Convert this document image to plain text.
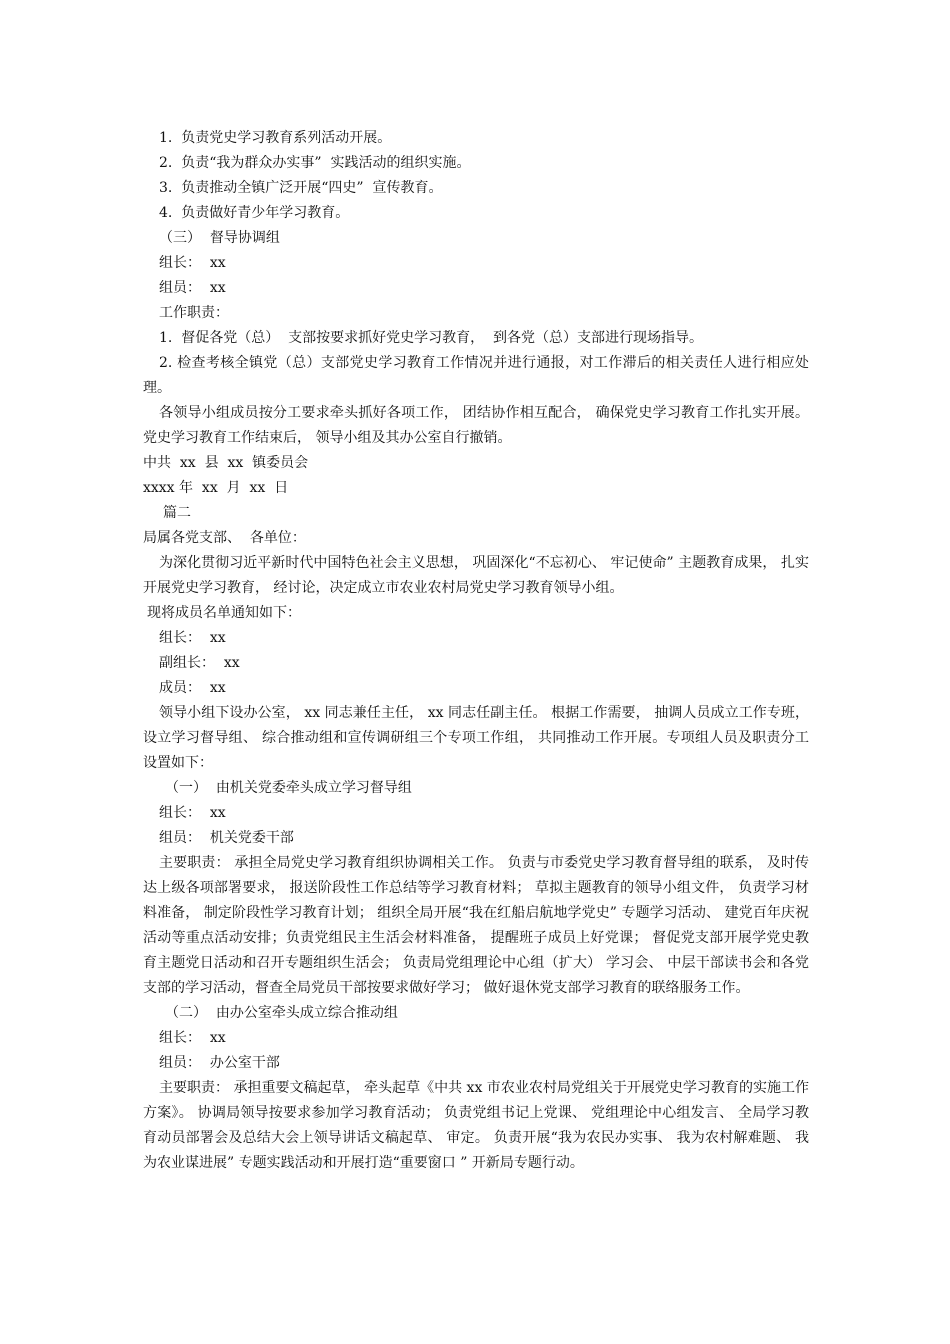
1.  负责党史学习教育系列活动开展。

2.  负责“我为群众办实事”  实践活动的组织实施。

3.  负责推动全镇广泛开展“四史”  宣传教育。

4.  负责做好青少年学习教育。

（三）  督导协调组

组长：  xx

组员：  xx

工作职责：

1.  督促各党（总）  支部按要求抓好党史学习教育，  到各党（总）支部进行现场指导。

2. 检查考核全镇党（总）支部党史学习教育工作情况并进行通报，对工作滞后的相关责任人进行相应处理。

各领导小组成员按分工要求牵头抓好各项工作， 团结协作相互配合， 确保党史学习教育工作扎实开展。党史学习教育工作结束后， 领导小组及其办公室自行撤销。

中共  xx  县  xx  镇委员会

xxxx 年  xx  月  xx  日

篇二

局属各党支部、  各单位：

为深化贯彻习近平新时代中国特色社会主义思想， 巩固深化“不忘初心、 牢记使命” 主题教育成果， 扎实开展党史学习教育， 经讨论，决定成立市农业农村局党史学习教育领导小组。

现将成员名单通知如下：

组长：  xx

副组长：  xx

成员：  xx

领导小组下设办公室， xx 同志兼任主任， xx 同志任副主任。 根据工作需要， 抽调人员成立工作专班， 设立学习督导组、 综合推动组和宣传调研组三个专项工作组， 共同推动工作开展。专项组人员及职责分工设置如下：

（一）  由机关党委牵头成立学习督导组

组长：  xx

组员：  机关党委干部

主要职责： 承担全局党史学习教育组织协调相关工作。 负责与市委党史学习教育督导组的联系， 及时传达上级各项部署要求， 报送阶段性工作总结等学习教育材料； 草拟主题教育的领导小组文件， 负责学习材料准备， 制定阶段性学习教育计划； 组织全局开展“我在红船启航地学党史” 专题学习活动、 建党百年庆祝活动等重点活动安排；负责党组民主生活会材料准备， 提醒班子成员上好党课； 督促党支部开展学党史教育主题党日活动和召开专题组织生活会； 负责局党组理论中心组（扩大） 学习会、 中层干部读书会和各党支部的学习活动，督查全局党员干部按要求做好学习； 做好退休党支部学习教育的联络服务工作。

（二）  由办公室牵头成立综合推动组

组长：  xx

组员：  办公室干部

主要职责： 承担重要文稿起草， 牵头起草《中共 xx 市农业农村局党组关于开展党史学习教育的实施工作方案》。 协调局领导按要求参加学习教育活动； 负责党组书记上党课、 党组理论中心组发言、 全局学习教育动员部署会及总结大会上领导讲话文稿起草、 审定。 负责开展“我为农民办实事、 我为农村解难题、 我为农业谋进展” 专题实践活动和开展打造“重要窗口 ” 开新局专题行动。
